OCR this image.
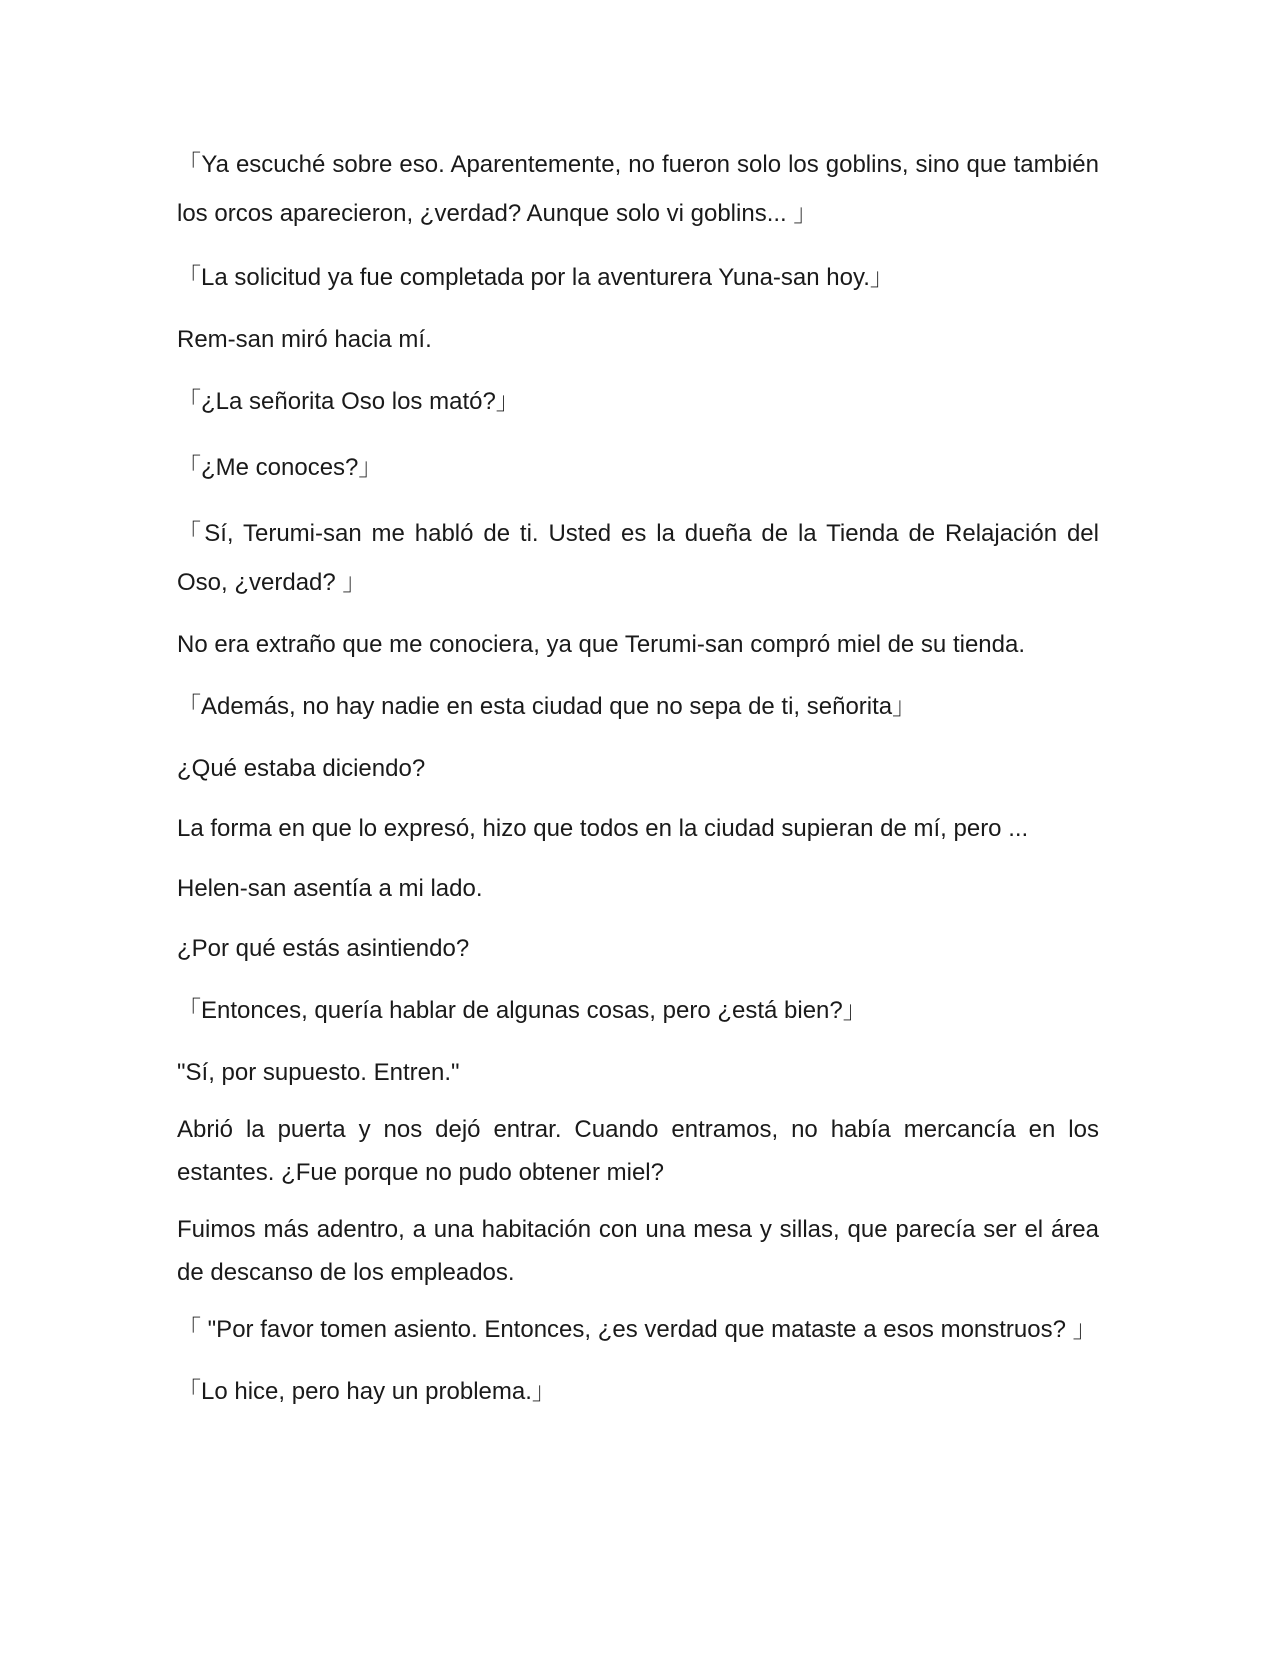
「Ya escuché sobre eso. Aparentemente, no fueron solo los goblins, sino que también los orcos aparecieron, ¿verdad? Aunque solo vi goblins... 」

「La solicitud ya fue completada por la aventurera Yuna-san hoy.」

Rem-san miró hacia mí.

「¿La señorita Oso los mató?」

「¿Me conoces?」

「Sí, Terumi-san me habló de ti. Usted es la dueña de la Tienda de Relajación del Oso, ¿verdad? 」

No era extraño que me conociera, ya que Terumi-san compró miel de su tienda.

「Además, no hay nadie en esta ciudad que no sepa de ti, señorita」

¿Qué estaba diciendo?

La forma en que lo expresó, hizo que todos en la ciudad supieran de mí, pero ...

Helen-san asentía a mi lado.

¿Por qué estás asintiendo?

「Entonces, quería hablar de algunas cosas, pero ¿está bien?」

"Sí, por supuesto. Entren."

Abrió la puerta y nos dejó entrar. Cuando entramos, no había mercancía en los estantes. ¿Fue porque no pudo obtener miel?

Fuimos más adentro, a una habitación con una mesa y sillas, que parecía ser el área de descanso de los empleados.

「 "Por favor tomen asiento. Entonces, ¿es verdad que mataste a esos monstruos? 」

「Lo hice, pero hay un problema.」
